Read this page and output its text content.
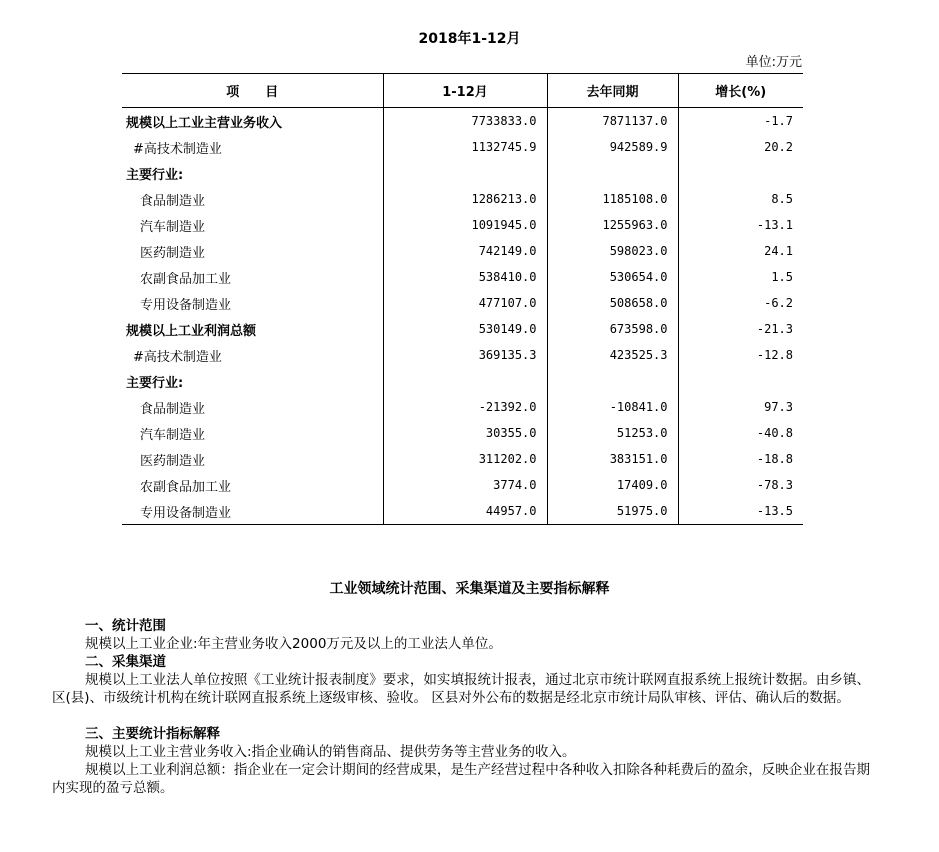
2018年1-12月
单位:万元
项　　目	1-12月	去年同期	增长(%)
规模以上工业主营业务收入	7733833.0	7871137.0	-1.7
#高技术制造业	1132745.9	942589.9	20.2
主要行业:			
食品制造业	1286213.0	1185108.0	8.5
汽车制造业	1091945.0	1255963.0	-13.1
医药制造业	742149.0	598023.0	24.1
农副食品加工业	538410.0	530654.0	1.5
专用设备制造业	477107.0	508658.0	-6.2
规模以上工业利润总额	530149.0	673598.0	-21.3
#高技术制造业	369135.3	423525.3	-12.8
主要行业:			
食品制造业	-21392.0	-10841.0	97.3
汽车制造业	30355.0	51253.0	-40.8
医药制造业	311202.0	383151.0	-18.8
农副食品加工业	3774.0	17409.0	-78.3
专用设备制造业	44957.0	51975.0	-13.5
工业领域统计范围、采集渠道及主要指标解释
一、统计范围
规模以上工业企业:年主营业务收入2000万元及以上的工业法人单位。
二、采集渠道
规模以上工业法人单位按照《工业统计报表制度》要求，如实填报统计报表，通过北京市统计联网直报系统上报统计数据。由乡镇、区(县)、市级统计机构在统计联网直报系统上逐级审核、验收。 区县对外公布的数据是经北京市统计局队审核、评估、确认后的数据。
三、主要统计指标解释
规模以上工业主营业务收入:指企业确认的销售商品、提供劳务等主营业务的收入。
规模以上工业利润总额：指企业在一定会计期间的经营成果，是生产经营过程中各种收入扣除各种耗费后的盈余，反映企业在报告期内实现的盈亏总额。
